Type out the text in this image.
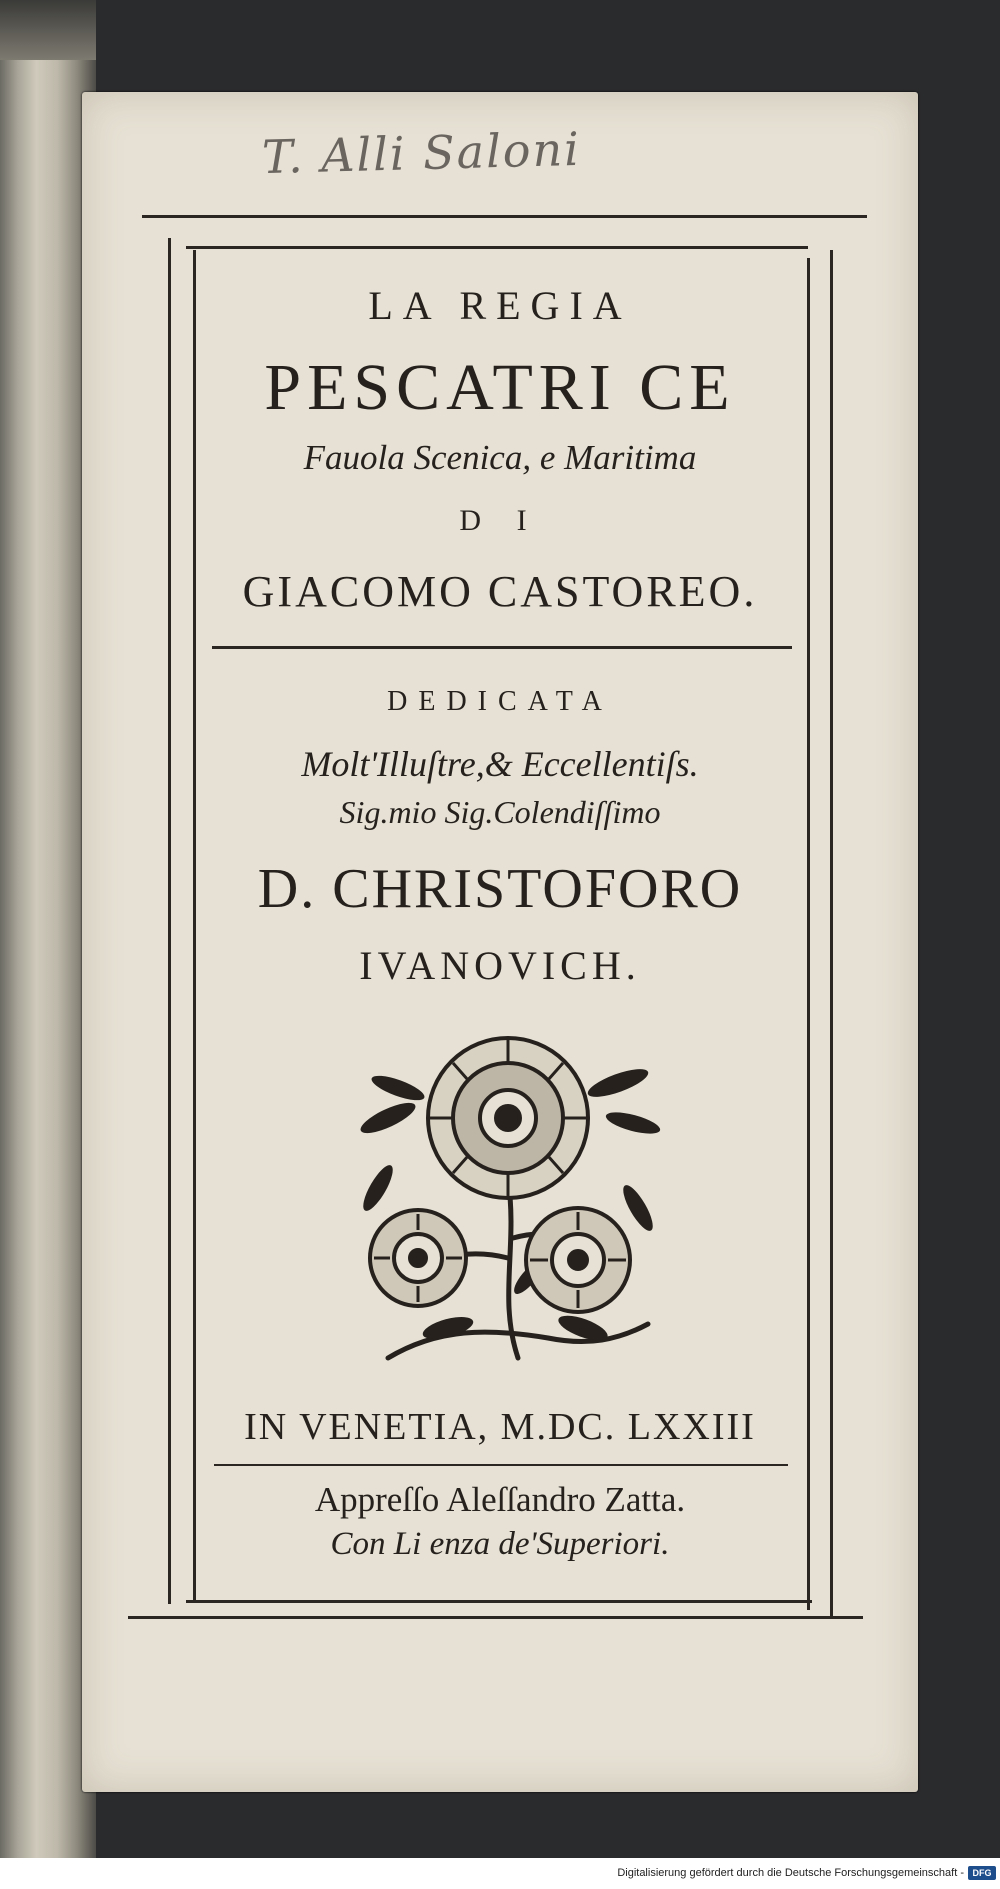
T. Alli Saloni
LA REGIA
PESCATRI CE
Fauola Scenica, e Maritima
D I
GIACOMO CASTOREO.
DEDICATA
Molt'Illuſtre,& Eccellentiſs.
Sig.mio Sig.Colendiſſimo
D. CHRISTOFORO
IVANOVICH.
IN VENETIA, M.DC. LXXIII
Appreſſo Aleſſandro Zatta.
Con Li enza de'Superiori.
Digitalisierung gefördert durch die Deutsche Forschungsgemeinschaft - DFG
